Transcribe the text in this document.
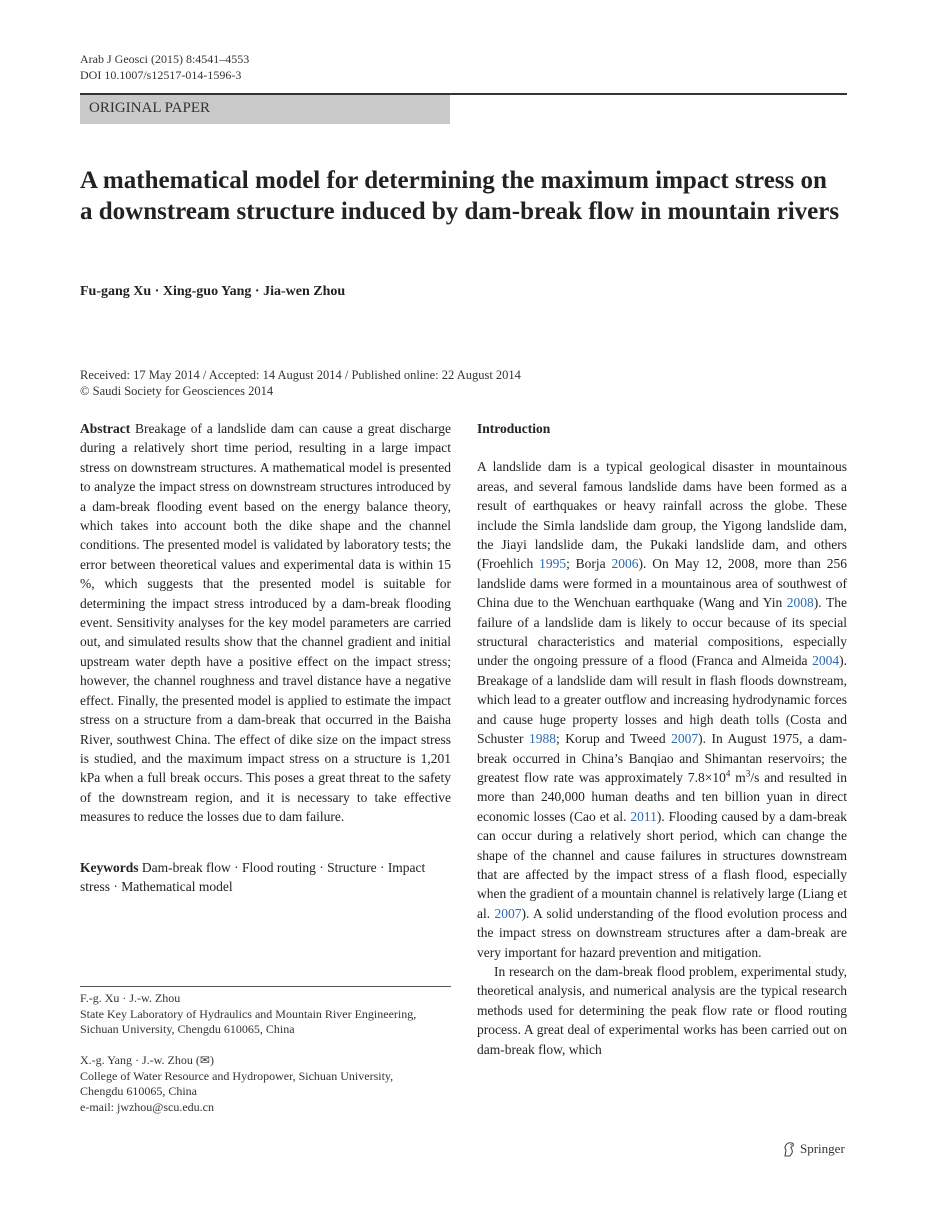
Arab J Geosci (2015) 8:4541–4553
DOI 10.1007/s12517-014-1596-3
ORIGINAL PAPER
A mathematical model for determining the maximum impact stress on a downstream structure induced by dam-break flow in mountain rivers
Fu-gang Xu · Xing-guo Yang · Jia-wen Zhou
Received: 17 May 2014 / Accepted: 14 August 2014 / Published online: 22 August 2014
© Saudi Society for Geosciences 2014

Abstract Breakage of a landslide dam can cause a great discharge during a relatively short time period, resulting in a large impact stress on downstream structures. A mathematical model is presented to analyze the impact stress on downstream structures introduced by a dam-break flooding event based on the energy balance theory, which takes into account both the dike shape and the channel conditions. The presented model is validated by laboratory tests; the error between theoretical values and experimental data is within 15 %, which suggests that the presented model is suitable for determining the impact stress introduced by a dam-break flooding event. Sensitivity analyses for the key model parameters are carried out, and simulated results show that the channel gradient and initial upstream water depth have a positive effect on the impact stress; however, the channel roughness and travel distance have a negative effect. Finally, the presented model is applied to estimate the impact stress on a structure from a dam-break that occurred in the Baisha River, southwest China. The effect of dike size on the impact stress is studied, and the maximum impact stress on a structure is 1,201 kPa when a full break occurs. This poses a great threat to the safety of the downstream region, and it is necessary to take effective measures to reduce the losses due to dam failure.

Keywords Dam-break flow · Flood routing · Structure · Impact stress · Mathematical model

F.-g. Xu · J.-w. Zhou

State Key Laboratory of Hydraulics and Mountain River Engineering, Sichuan University, Chengdu 610065, China

X.-g. Yang · J.-w. Zhou (✉)

College of Water Resource and Hydropower, Sichuan University,

Chengdu 610065, China

e-mail: jwzhou@scu.edu.cn

Introduction

A landslide dam is a typical geological disaster in mountainous areas, and several famous landslide dams have been formed as a result of earthquakes or heavy rainfall across the globe. These include the Simla landslide dam group, the Yigong landslide dam, the Jiayi landslide dam, the Pukaki landslide dam, and others (Froehlich 1995; Borja 2006). On May 12, 2008, more than 256 landslide dams were formed in a mountainous area of southwest of China due to the Wenchuan earthquake (Wang and Yin 2008). The failure of a landslide dam is likely to occur because of its special structural characteristics and material compositions, especially under the ongoing pressure of a flood (Franca and Almeida 2004). Breakage of a landslide dam will result in flash floods downstream, which lead to a greater outflow and increasing hydrodynamic forces and cause huge property losses and high death tolls (Costa and Schuster 1988; Korup and Tweed 2007). In August 1975, a dam-break occurred in China’s Banqiao and Shimantan reservoirs; the greatest flow rate was approximately $7.8\times 10^4$ $m^3/s$ and resulted in more than 240,000 human deaths and ten billion yuan in direct economic losses (Cao et al. 2011). Flooding caused by a dam-break can occur during a relatively short period, which can change the shape of the channel and cause failures in structures downstream that are affected by the impact stress of a flash flood, especially when the gradient of a mountain channel is relatively large (Liang et al. 2007). A solid understanding of the flood evolution process and the impact stress on downstream structures after a dam-break are very important for hazard prevention and mitigation.

In research on the dam-break flood problem, experimental study, theoretical analysis, and numerical analysis are the typical research methods used for determining the peak flow rate or flood routing process. A great deal of experimental works has been carried out on dam-break flow, which

Springer
